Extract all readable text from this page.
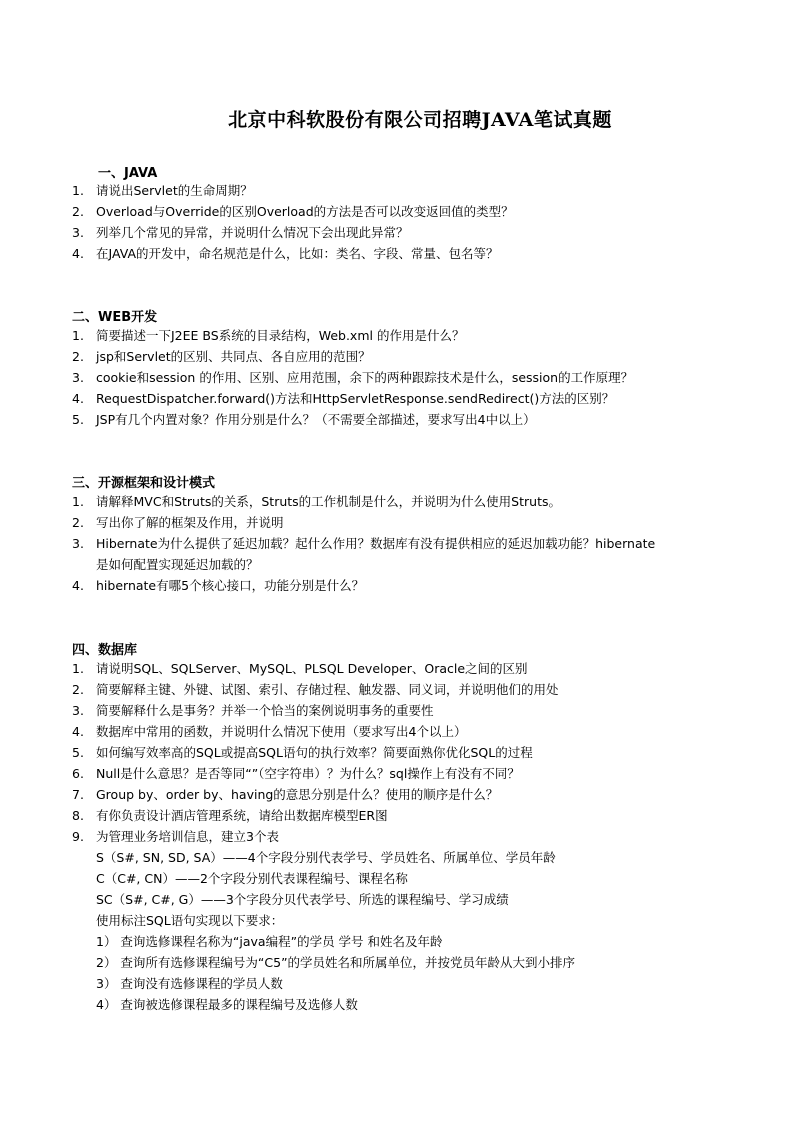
北京中科软股份有限公司招聘JAVA笔试真题
一、JAVA
1. 请说出Servlet的生命周期？
2. Overload与Override的区别Overload的方法是否可以改变返回值的类型？
3. 列举几个常见的异常，并说明什么情况下会出现此异常？
4. 在JAVA的开发中，命名规范是什么，比如：类名、字段、常量、包名等？
二、WEB开发
1. 简要描述一下J2EE BS系统的目录结构，Web.xml 的作用是什么？
2. jsp和Servlet的区别、共同点、各自应用的范围？
3. cookie和session 的作用、区别、应用范围，余下的两种跟踪技术是什么，session的工作原理？
4. RequestDispatcher.forward()方法和HttpServletResponse.sendRedirect()方法的区别？
5. JSP有几个内置对象？作用分别是什么？（不需要全部描述，要求写出4中以上）
三、开源框架和设计模式
1. 请解释MVC和Struts的关系，Struts的工作机制是什么，并说明为什么使用Struts。
2. 写出你了解的框架及作用，并说明
3. Hibernate为什么提供了延迟加载？起什么作用？数据库有没有提供相应的延迟加载功能？hibernate
是如何配置实现延迟加载的？
4. hibernate有哪5个核心接口，功能分别是什么？
四、数据库
1. 请说明SQL、SQLServer、MySQL、PLSQL Developer、Oracle之间的区别
2. 简要解释主键、外键、试图、索引、存储过程、触发器、同义词，并说明他们的用处
3. 简要解释什么是事务？并举一个恰当的案例说明事务的重要性
4. 数据库中常用的函数，并说明什么情况下使用（要求写出4个以上）
5. 如何编写效率高的SQL或提高SQL语句的执行效率？简要面熟你优化SQL的过程
6. Null是什么意思？是否等同“”（空字符串）？为什么？sql操作上有没有不同？
7. Group by、order by、having的意思分别是什么？使用的顺序是什么？
8. 有你负责设计酒店管理系统，请给出数据库模型ER图
9. 为管理业务培训信息，建立3个表
S（S#, SN, SD, SA）——4个字段分别代表学号、学员姓名、所属单位、学员年龄
C（C#, CN）——2个字段分别代表课程编号、课程名称
SC（S#, C#, G）——3个字段分贝代表学号、所选的课程编号、学习成绩
使用标注SQL语句实现以下要求：
1） 查询选修课程名称为“java编程”的学员 学号 和姓名及年龄
2） 查询所有选修课程编号为“C5”的学员姓名和所属单位，并按党员年龄从大到小排序
3） 查询没有选修课程的学员人数
4） 查询被选修课程最多的课程编号及选修人数
